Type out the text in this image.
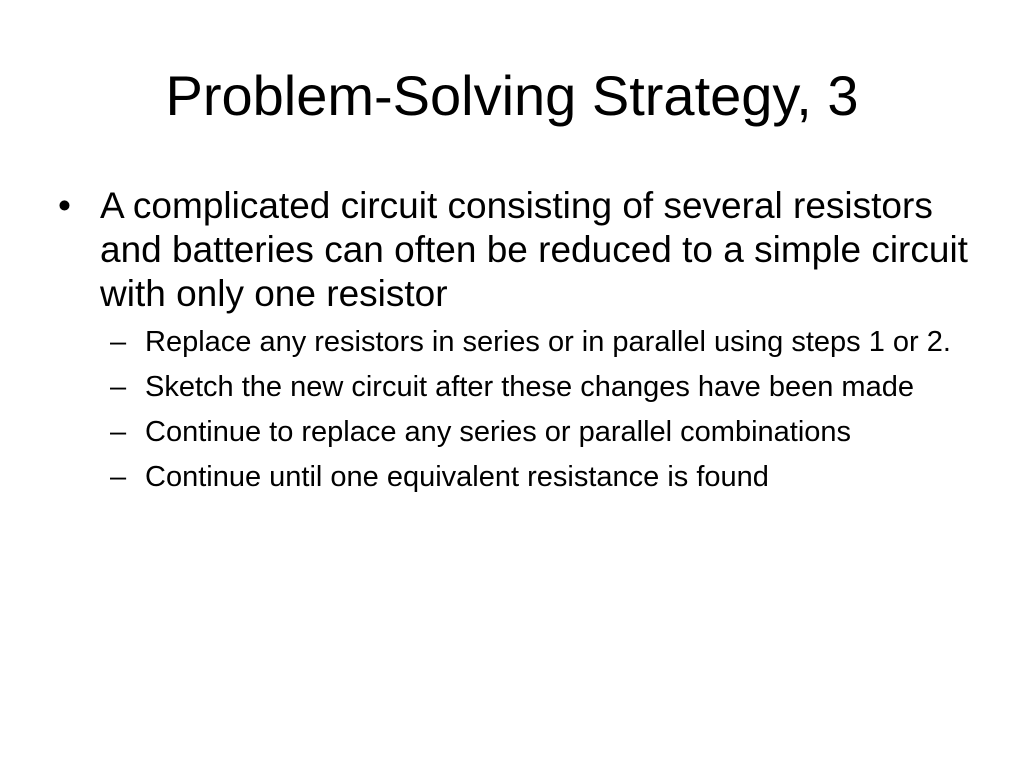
Problem-Solving Strategy, 3
• A complicated circuit consisting of several resistors and batteries can often be reduced to a simple circuit with only one resistor
– Replace any resistors in series or in parallel using steps 1 or 2.
– Sketch the new circuit after these changes have been made
– Continue to replace any series or parallel combinations
– Continue until one equivalent resistance is found
